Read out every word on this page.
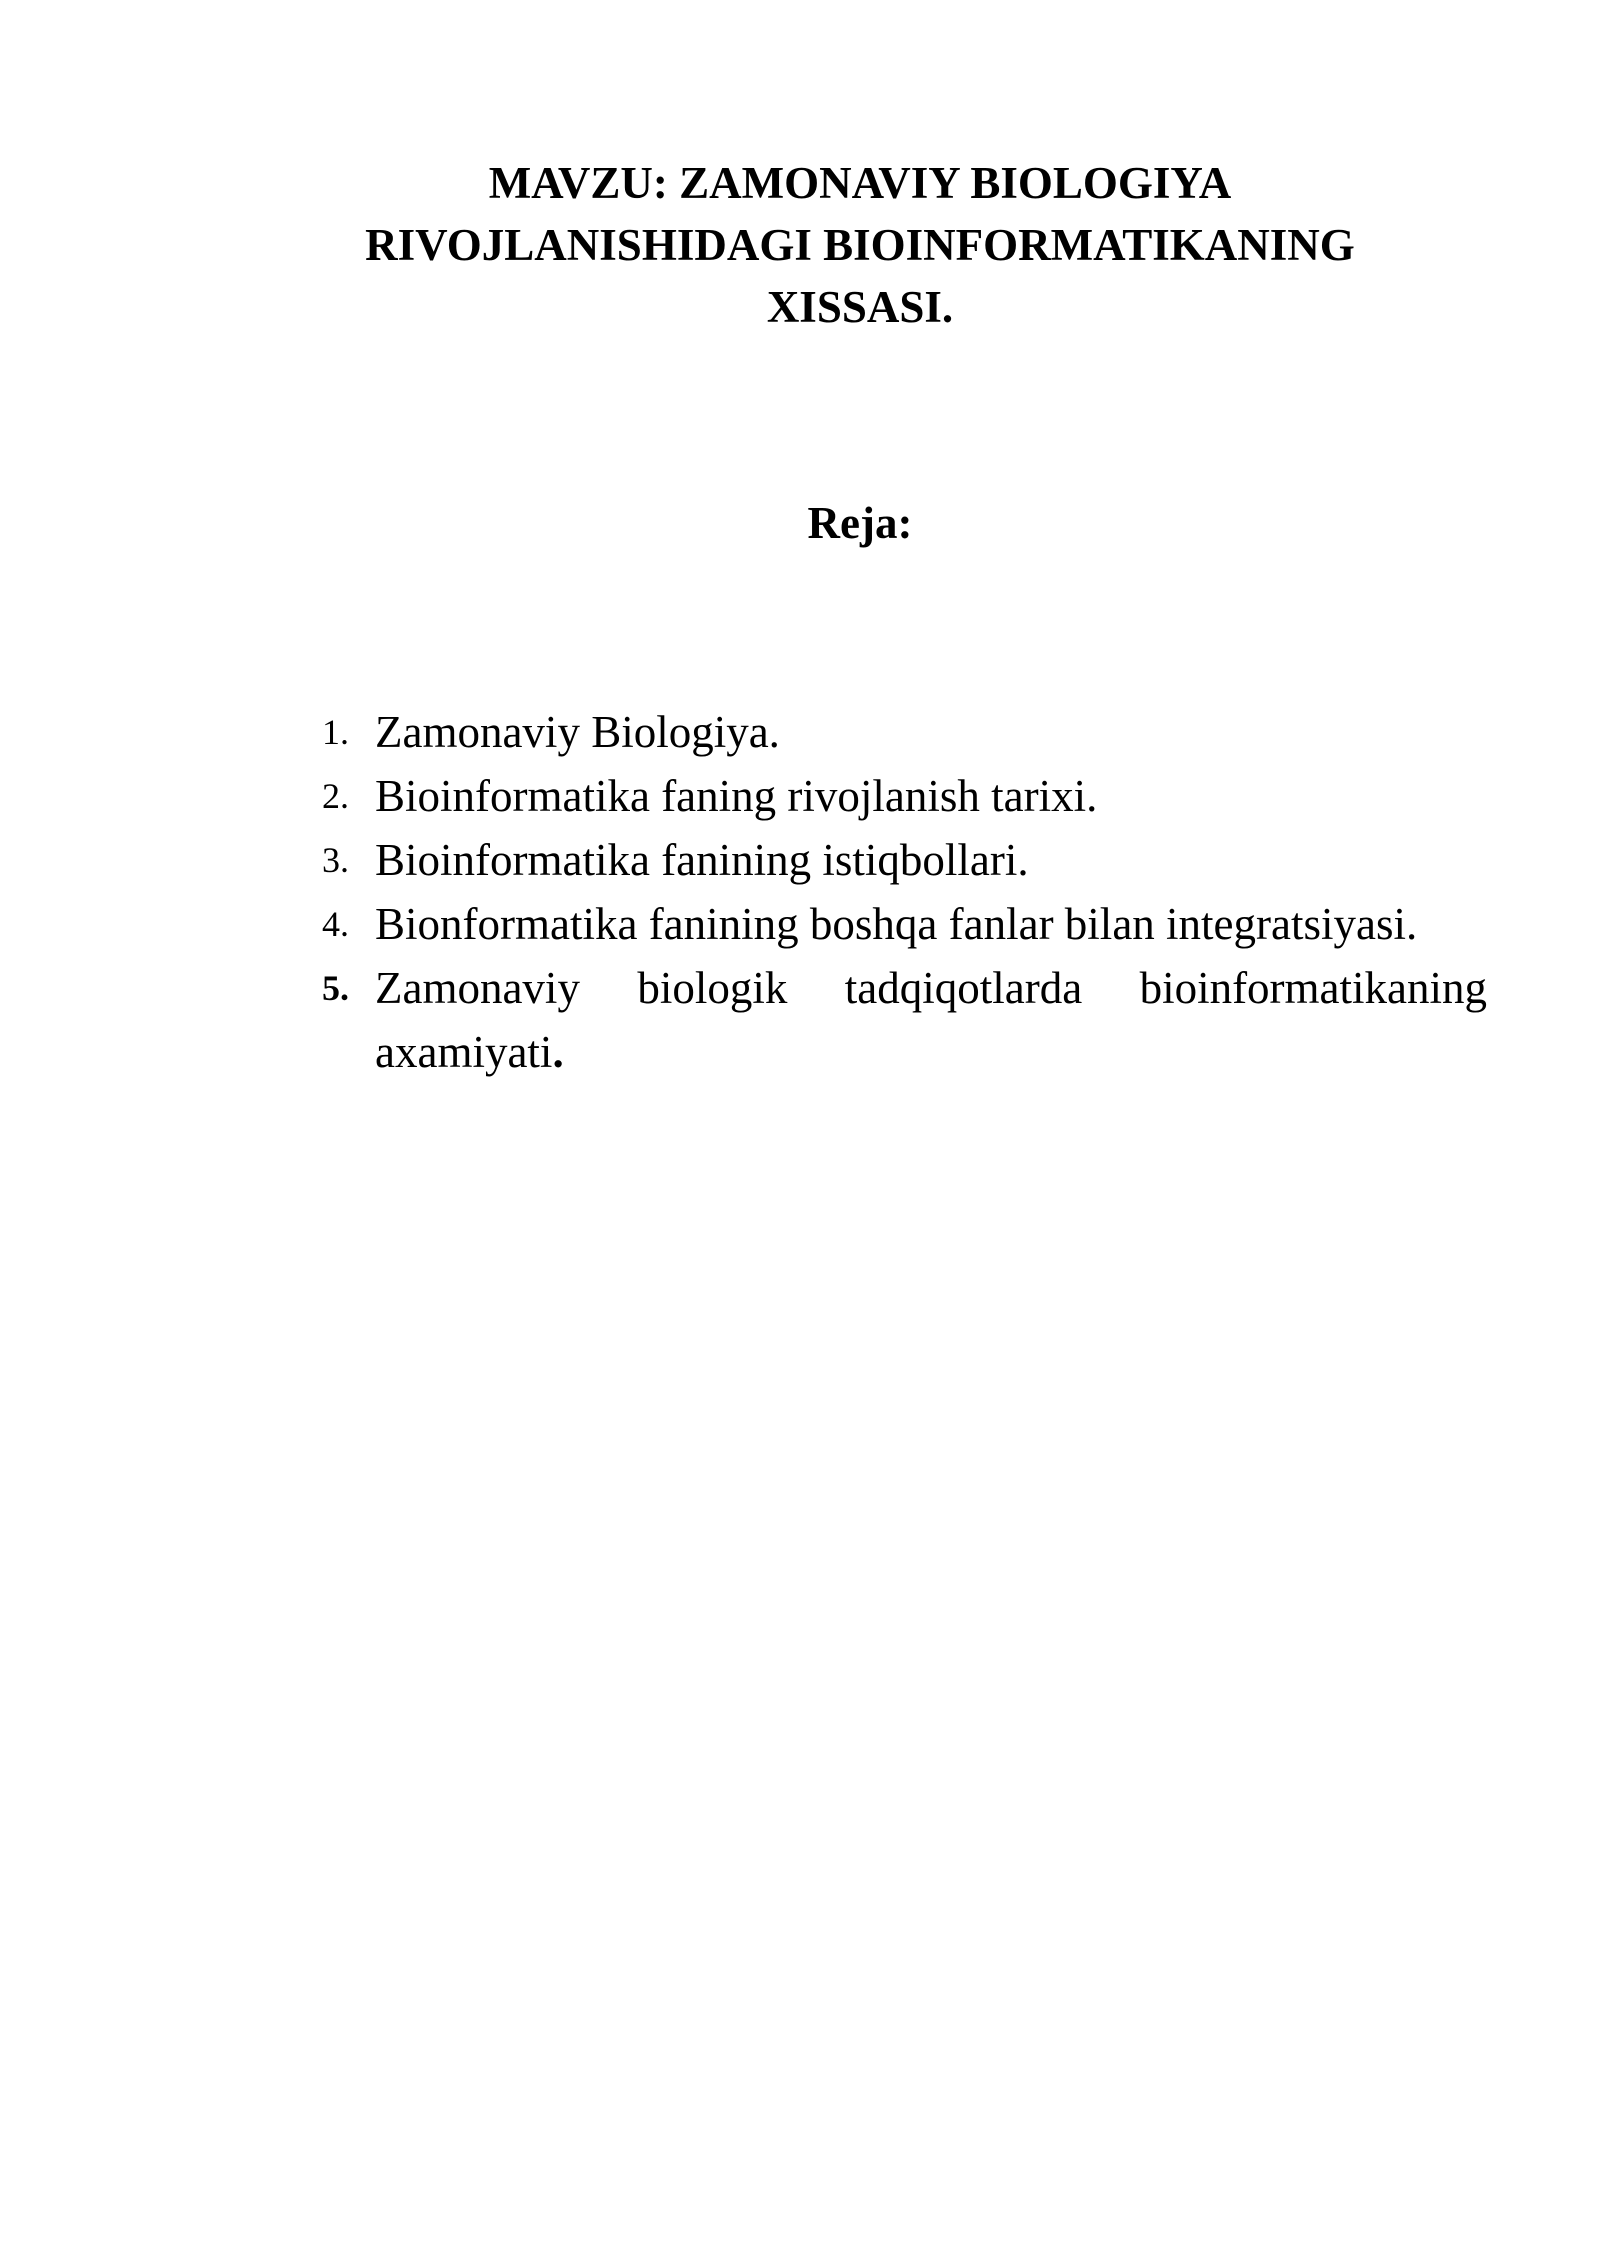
MAVZU: ZAMONAVIY BIOLOGIYA
RIVOJLANISHIDAGI BIOINFORMATIKANING
XISSASI.
Reja:
1. Zamonaviy Biologiya.
2. Bioinformatika faning rivojlanish tarixi.
3. Bioinformatika fanining istiqbollari.
4. Bionformatika fanining boshqa fanlar bilan integratsiyasi.
5. Zamonaviy biologik tadqiqotlarda bioinformatikaning axamiyati.
